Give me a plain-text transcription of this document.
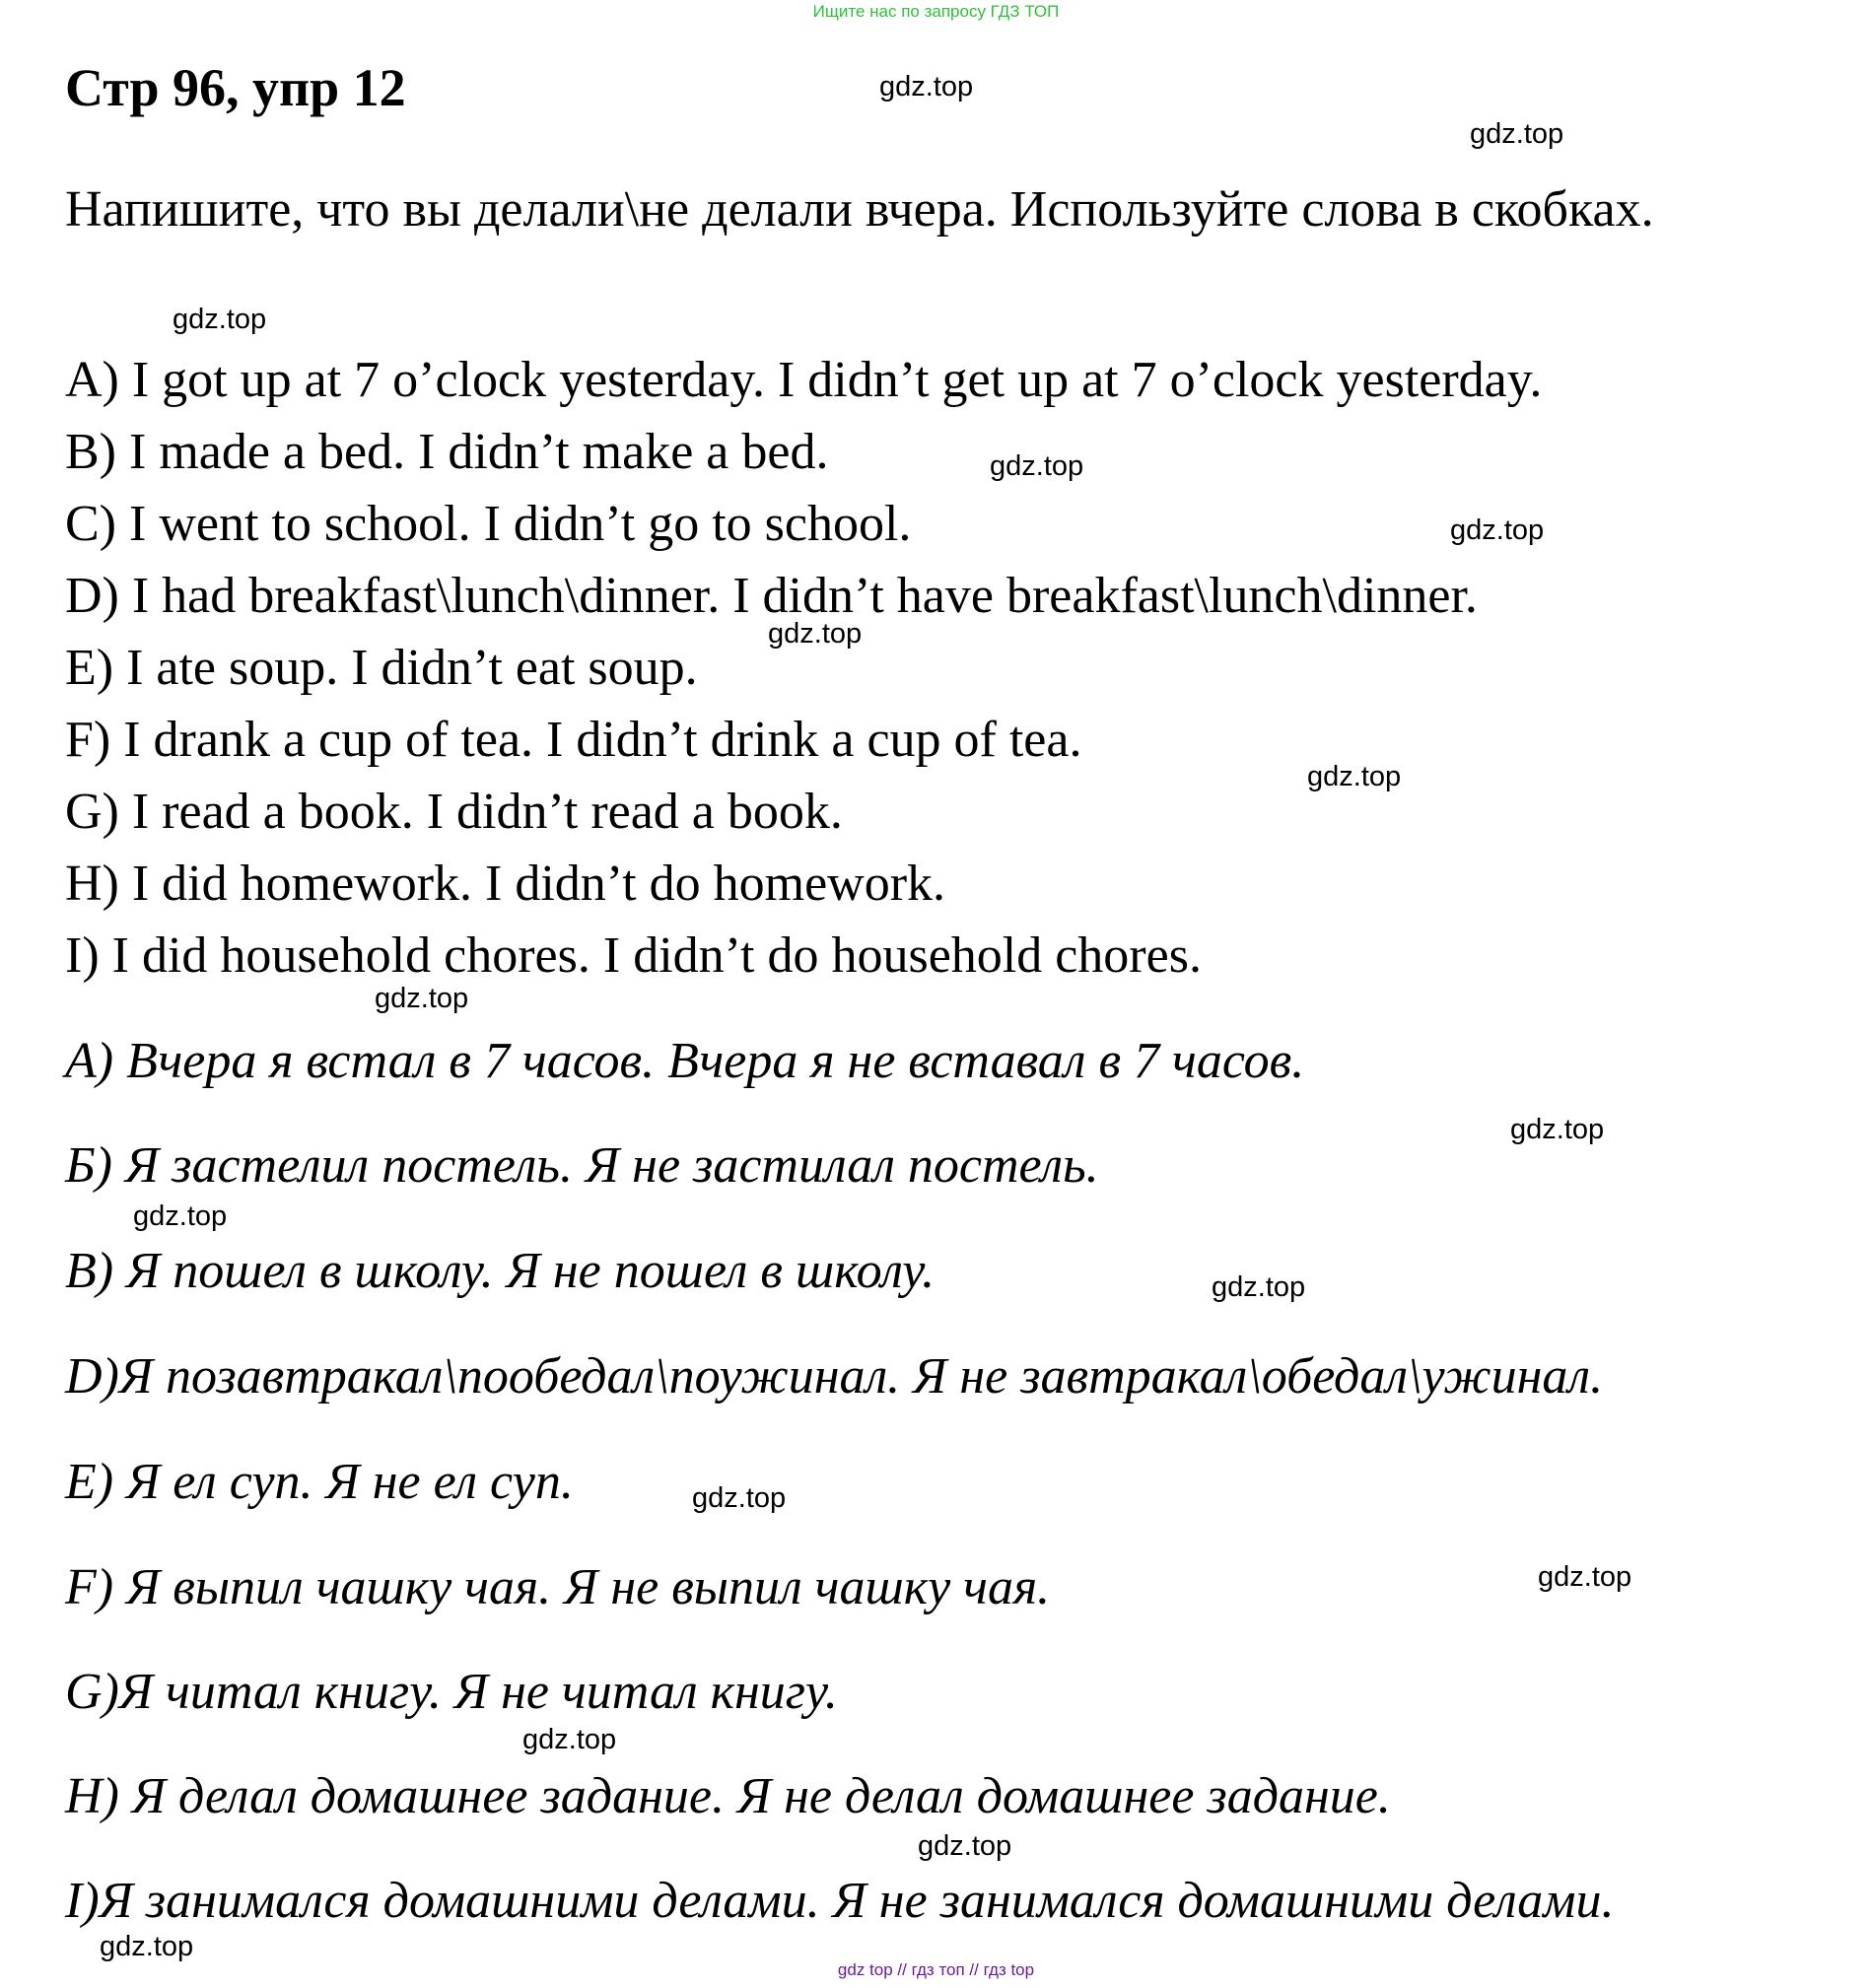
Ищите нас по запросу ГДЗ ТОП
Стр 96, упр 12
Напишите, что вы делали\не делали вчера. Используйте слова в скобках.
A) I got up at 7 o’clock yesterday. I didn’t get up at 7 o’clock yesterday.
B) I made a bed. I didn’t make a bed.
C) I went to school. I didn’t go to school.
D) I had breakfast\lunch\dinner. I didn’t have breakfast\lunch\dinner.
E) I ate soup. I didn’t eat soup.
F) I drank a cup of tea. I didn’t drink a cup of tea.
G) I read a book. I didn’t read a book.
H) I did homework. I didn’t do homework.
I) I did household chores. I didn’t do household chores.
А) Вчера я встал в 7 часов. Вчера я не вставал в 7 часов.
Б) Я застелил постель. Я не застилал постель.
В) Я пошел в школу. Я не пошел в школу.
D)Я позавтракал\пообедал\поужинал. Я не завтракал\обедал\ужинал.
E) Я ел суп. Я не ел суп.
F) Я выпил чашку чая. Я не выпил чашку чая.
G)Я читал книгу. Я не читал книгу.
H) Я делал домашнее задание. Я не делал домашнее задание.
I)Я занимался домашними делами. Я не занимался домашними делами.
gdz.top
gdz.top
gdz.top
gdz.top
gdz.top
gdz.top
gdz.top
gdz.top
gdz.top
gdz.top
gdz.top
gdz.top
gdz.top
gdz.top
gdz.top
gdz.top
gdz top // гдз топ // гдз top
